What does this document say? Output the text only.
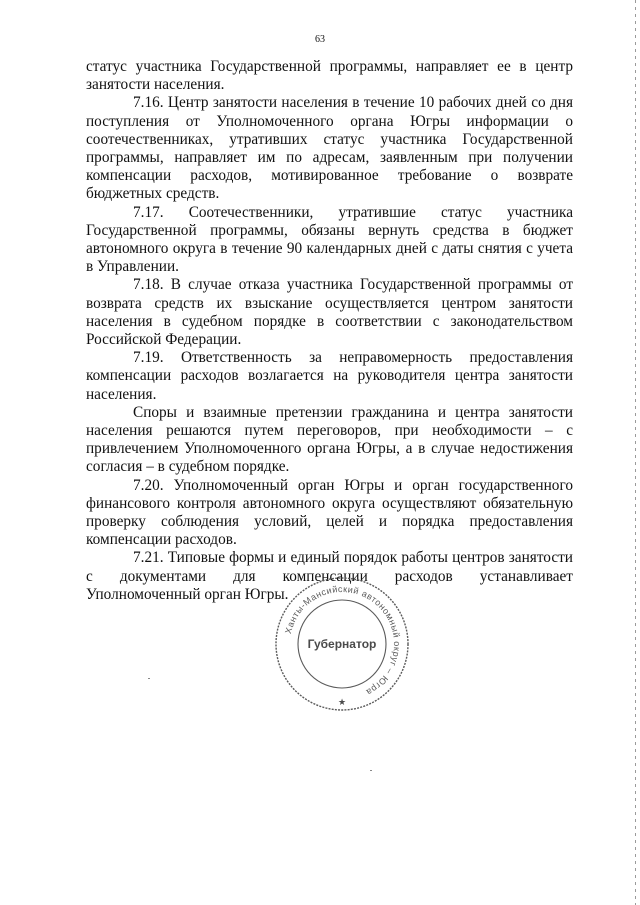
63

статус участника Государственной программы, направляет ее в центр занятости населения.

7.16. Центр занятости населения в течение 10 рабочих дней со дня поступления от Уполномоченного органа Югры информации о соотечественниках, утративших статус участника Государственной программы, направляет им по адресам, заявленным при получении компенсации расходов, мотивированное требование о возврате бюджетных средств.

7.17. Соотечественники, утратившие статус участника Государственной программы, обязаны вернуть средства в бюджет автономного округа в течение 90 календарных дней с даты снятия с учета в Управлении.

7.18. В случае отказа участника Государственной программы от возврата средств их взыскание осуществляется центром занятости населения в судебном порядке в соответствии с законодательством Российской Федерации.

7.19. Ответственность за неправомерность предоставления компенсации расходов возлагается на руководителя центра занятости населения.

Споры и взаимные претензии гражданина и центра занятости населения решаются путем переговоров, при необходимости – с привлечением Уполномоченного органа Югры, а в случае недостижения согласия – в судебном порядке.

7.20. Уполномоченный орган Югры и орган государственного финансового контроля автономного округа осуществляют обязательную проверку соблюдения условий, целей и порядка предоставления компенсации расходов.

7.21. Типовые формы и единый порядок работы центров занятости с документами для компенсации расходов устанавливает Уполномоченный орган Югры.

Ханты-Мансийский автономный округ – Югра
Губернатор
★
